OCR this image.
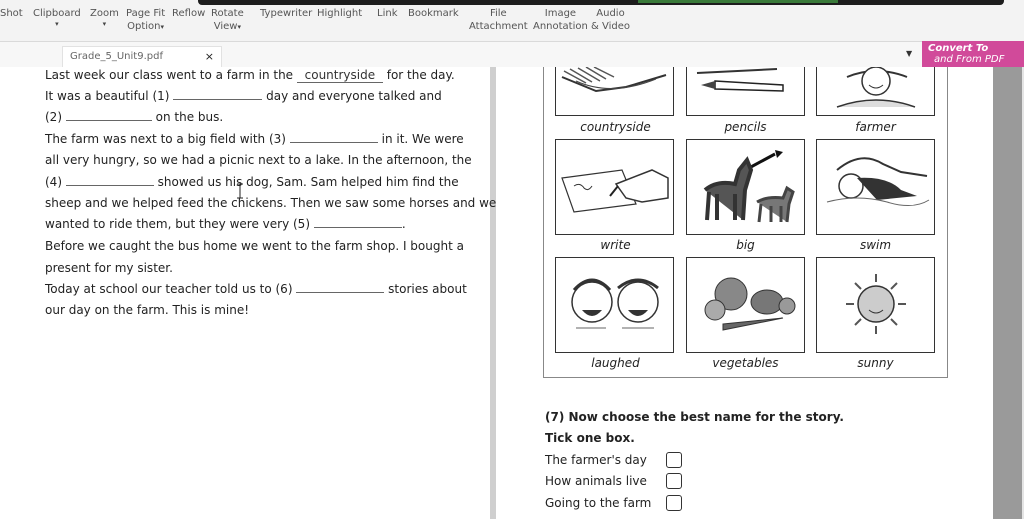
Shot Clipboard
▾
Zoom
▾
Page Fit
Option▾
Reflow Rotate
View▾
Typewriter Highlight Link Bookmark	File
Attachment
Image
Annotation
Audio
& Video
Grade_5_Unit9.pdf	×	▼	Convert To
and From PDF
Last week our class went to a farm in the countryside for the day.
It was a beautiful (1)	day and everyone talked and
(2)	on the bus.
The farm was next to a big field with (3)	in it. We were
all very hungry, so we had a picnic next to a lake. In the afternoon, the
(4)	showed us his dog, Sam. Sam helped him find the
sheep and we helped feed the chickens. Then we saw some horses and we
wanted to ride them, but they were very (5)	.
Before we caught the bus home we went to the farm shop. I bought a
present for my sister.
Today at school our teacher told us to (6)	stories about
our day on the farm. This is mine!
countryside	pencils	farmer
write	big	swim
laughed	vegetables	sunny
(7) Now choose the best name for the story.
Tick one box.
The farmer's day
How animals live
Going to the farm
